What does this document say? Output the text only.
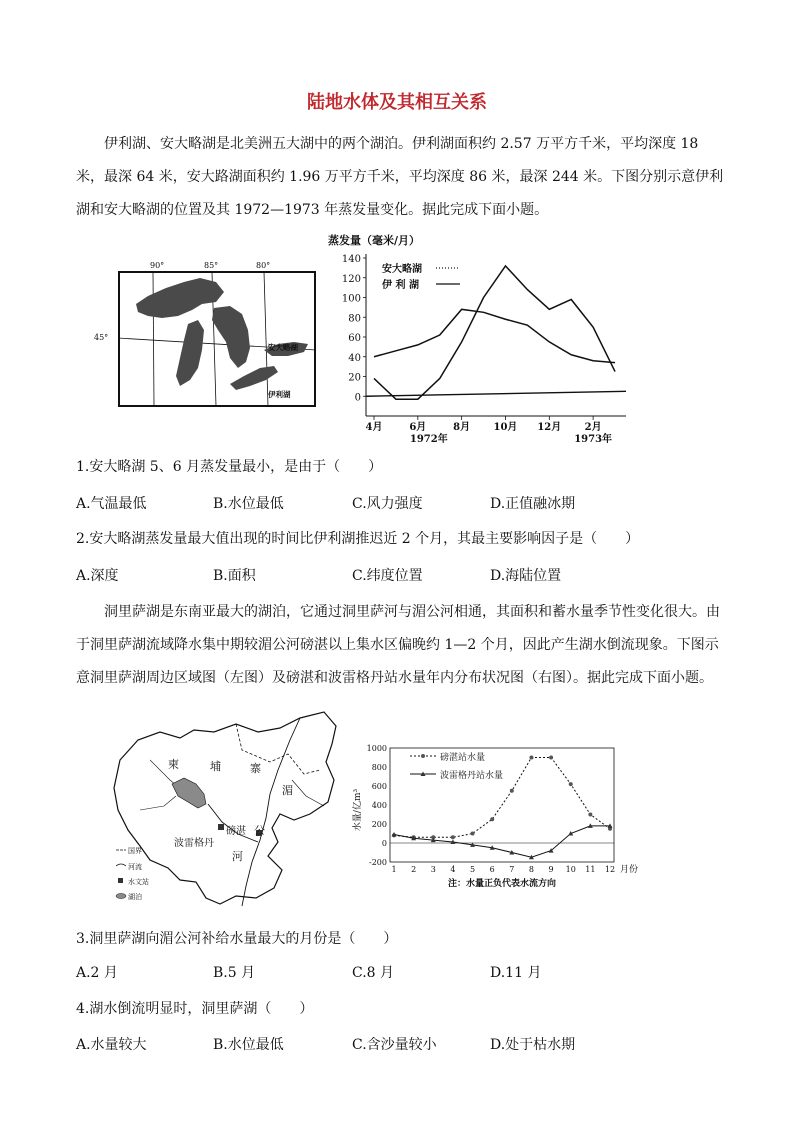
陆地水体及其相互关系

伊利湖、安大略湖是北美洲五大湖中的两个湖泊。伊利湖面积约 2.57 万平方千米，平均深度 18 米，最深 64 米，安大路湖面积约 1.96 万平方千米，平均深度 86 米，最深 244 米。下图分别示意伊利湖和安大略湖的位置及其 1972—1973 年蒸发量变化。据此完成下面小题。

90°	85°	80°
45°
安大略湖
伊利湖
蒸发量（毫米/月）
0
20
40
60
80
100
120
140
4月	6月	8月 10月 12月 2月
1972年	1973年
安大略湖
伊 利 湖

1.安大略湖 5、6 月蒸发量最小，是由于（　　）

A.气温最低	B.水位最低	C.风力强度	D.正值融冰期

2.安大略湖蒸发量最大值出现的时间比伊利湖推迟近 2 个月，其最主要影响因子是（　　）

A.深度	B.面积	C.纬度位置	D.海陆位置

洞里萨湖是东南亚最大的湖泊，它通过洞里萨河与湄公河相通，其面积和蓄水量季节性变化很大。由于洞里萨湖流域降水集中期较湄公河磅湛以上集水区偏晚约 1—2 个月，因此产生湖水倒流现象。下图示意洞里萨湖周边区域图（左图）及磅湛和波雷格丹站水量年内分布状况图（右图）。据此完成下面小题。

柬	埔	寨
湄
公
河
磅湛
波雷格丹
国界
河流
水文站
湖泊
-200
0
200
400
600
800
1000
1 2 3 4 5 6 7 8 9 10 11 12 月份
水量/亿m³
注：水量正负代表水流方向
磅湛站水量
波雷格丹站水量

3.洞里萨湖向湄公河补给水量最大的月份是（　　）

A.2 月	B.5 月	C.8 月	D.11 月

4.湖水倒流明显时，洞里萨湖（　　）

A.水量较大	B.水位最低	C.含沙量较小	D.处于枯水期
